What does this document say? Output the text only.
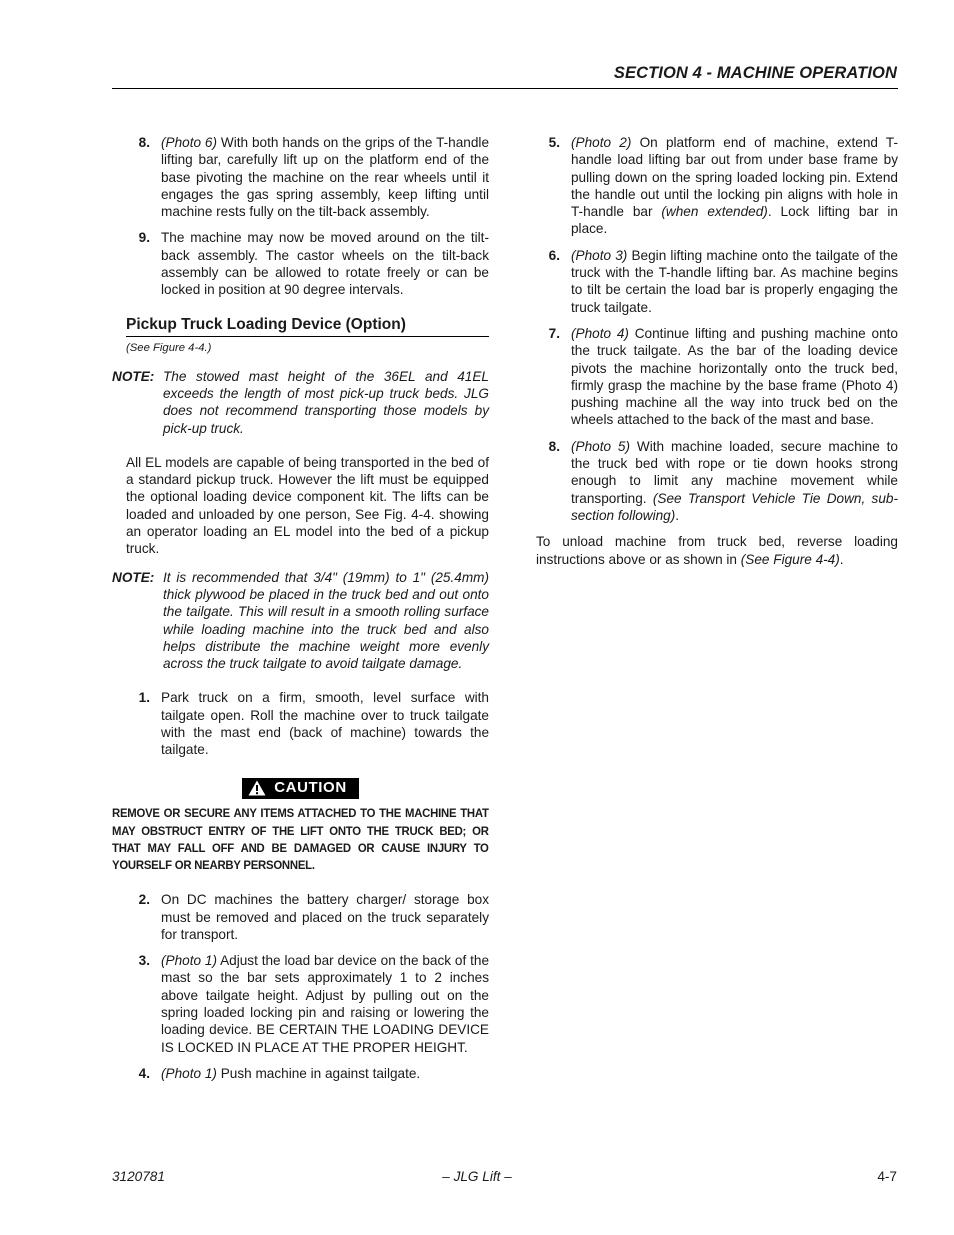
SECTION 4 - MACHINE OPERATION
8. (Photo 6) With both hands on the grips of the T-handle lifting bar, carefully lift up on the platform end of the base pivoting the machine on the rear wheels until it engages the gas spring assembly, keep lifting until machine rests fully on the tilt-back assembly.
9. The machine may now be moved around on the tilt-back assembly. The castor wheels on the tilt-back assembly can be allowed to rotate freely or can be locked in position at 90 degree intervals.
Pickup Truck Loading Device (Option)
(See Figure 4-4.)
NOTE: The stowed mast height of the 36EL and 41EL exceeds the length of most pick-up truck beds. JLG does not recommend transporting those models by pick-up truck.

All EL models are capable of being transported in the bed of a standard pickup truck. However the lift must be equipped the optional loading device component kit. The lifts can be loaded and unloaded by one person, See Fig. 4-4. showing an operator loading an EL model into the bed of a pickup truck.

NOTE: It is recommended that 3/4" (19mm) to 1" (25.4mm) thick plywood be placed in the truck bed and out onto the tailgate. This will result in a smooth rolling surface while loading machine into the truck bed and also helps distribute the machine weight more evenly across the truck tailgate to avoid tailgate damage.
1. Park truck on a firm, smooth, level surface with tailgate open. Roll the machine over to truck tailgate with the mast end (back of machine) towards the tailgate.
CAUTION
REMOVE OR SECURE ANY ITEMS ATTACHED TO THE MACHINE THAT MAY OBSTRUCT ENTRY OF THE LIFT ONTO THE TRUCK BED; OR THAT MAY FALL OFF AND BE DAMAGED OR CAUSE INJURY TO YOURSELF OR NEARBY PERSONNEL.
2. On DC machines the battery charger/ storage box must be removed and placed on the truck separately for transport.
3. (Photo 1) Adjust the load bar device on the back of the mast so the bar sets approximately 1 to 2 inches above tailgate height. Adjust by pulling out on the spring loaded locking pin and raising or lowering the loading device. BE CERTAIN THE LOADING DEVICE IS LOCKED IN PLACE AT THE PROPER HEIGHT.
4. (Photo 1) Push machine in against tailgate.
5. (Photo 2) On platform end of machine, extend T-handle load lifting bar out from under base frame by pulling down on the spring loaded locking pin. Extend the handle out until the locking pin aligns with hole in T-handle bar (when extended). Lock lifting bar in place.
6. (Photo 3) Begin lifting machine onto the tailgate of the truck with the T-handle lifting bar. As machine begins to tilt be certain the load bar is properly engaging the truck tailgate.
7. (Photo 4) Continue lifting and pushing machine onto the truck tailgate. As the bar of the loading device pivots the machine horizontally onto the truck bed, firmly grasp the machine by the base frame (Photo 4) pushing machine all the way into truck bed on the wheels attached to the back of the mast and base.
8. (Photo 5) With machine loaded, secure machine to the truck bed with rope or tie down hooks strong enough to limit any machine movement while transporting. (See Transport Vehicle Tie Down, sub-section following).

To unload machine from truck bed, reverse loading instructions above or as shown in (See Figure 4-4).

– JLG Lift –
3120781	4-7
